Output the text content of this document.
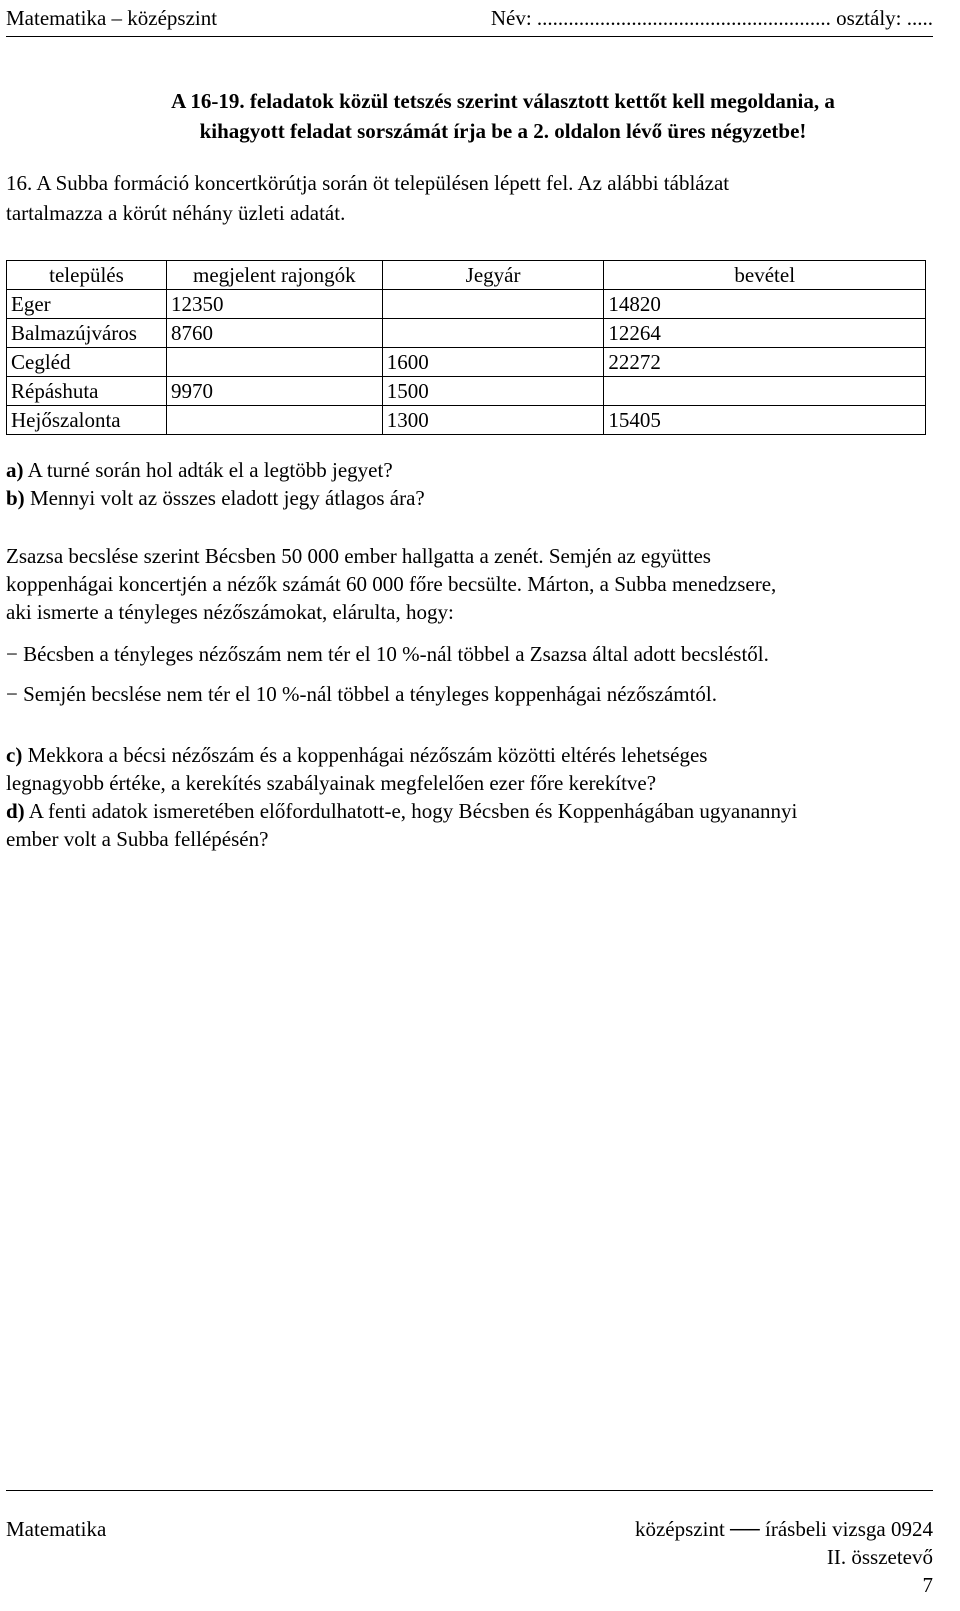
Matematika – középszint	Név: ........................................................ osztály: .....
A 16-19. feladatok közül tetszés szerint választott kettőt kell megoldania, a
kihagyott feladat sorszámát írja be a 2. oldalon lévő üres négyzetbe!
16. A Subba formáció koncertkörútja során öt településen lépett fel. Az alábbi táblázat
tartalmazza a körút néhány üzleti adatát.
település	megjelent rajongók	Jegyár	bevétel
Eger	12350		14820
Balmazújváros	8760		12264
Cegléd		1600	22272
Répáshuta	9970	1500	
Hejőszalonta		1300	15405
a) A turné során hol adták el a legtöbb jegyet?
b) Mennyi volt az összes eladott jegy átlagos ára?
Zsazsa becslése szerint Bécsben 50 000 ember hallgatta a zenét. Semjén az együttes
koppenhágai koncertjén a nézők számát 60 000 főre becsülte. Márton, a Subba menedzsere,
aki ismerte a tényleges nézőszámokat, elárulta, hogy:
− Bécsben a tényleges nézőszám nem tér el 10 %-nál többel a Zsazsa által adott becsléstől.
− Semjén becslése nem tér el 10 %-nál többel a tényleges koppenhágai nézőszámtól.
c) Mekkora a bécsi nézőszám és a koppenhágai nézőszám közötti eltérés lehetséges
legnagyobb értéke, a kerekítés szabályainak megfelelően ezer főre kerekítve?
d) A fenti adatok ismeretében előfordulhatott-e, hogy Bécsben és Koppenhágában ugyanannyi
ember volt a Subba fellépésén?
Matematika	középszint ── írásbeli vizsga 0924
II. összetevő
7
